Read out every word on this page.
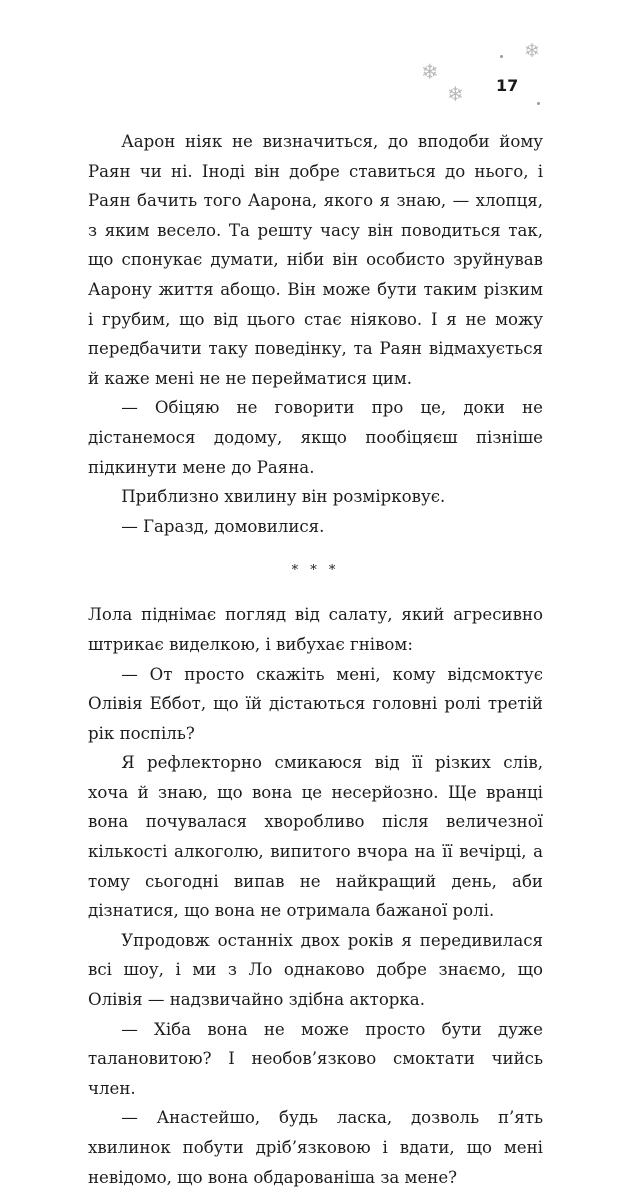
❄
❄
❄ 17

Аарон ніяк не визначиться, до вподоби йому Раян чи ні. Іноді він добре ставиться до нього, і Раян бачить того Аарона, якого я знаю, — хлопця, з яким весело. Та решту часу він поводиться так, що спонукає думати, ніби він особисто зруйнував Аарону життя абощо. Він може бути таким різким і грубим, що від цього стає ніяково. І я не можу передбачити таку поведінку, та Раян відмахується й каже мені не не перейматися цим.

— Обіцяю не говорити про це, доки не дістанемося додому, якщо пообіцяєш пізніше підкинути мене до Раяна.

Приблизно хвилину він розмірковує.

— Гаразд, домовилися.

* * *

Лола піднімає погляд від салату, який агресивно штрикає виделкою, і вибухає гнівом:

— От просто скажіть мені, кому відсмоктує Олівія Еббот, що їй дістаються головні ролі третій рік поспіль?

Я рефлекторно смикаюся від її різких слів, хоча й знаю, що вона це несерйозно. Ще вранці вона почувалася хворобливо після величезної кількості алкоголю, випитого вчора на її вечірці, а тому сьогодні випав не найкращий день, аби дізнатися, що вона не отримала бажаної ролі.

Упродовж останніх двох років я передивилася всі шоу, і ми з Ло однаково добре знаємо, що Олівія — надзвичайно здібна акторка.

— Хіба вона не може просто бути дуже талановитою? І необов’язково смоктати чийсь член.

— Анастейшо, будь ласка, дозволь п’ять хвилинок побути дріб’язковою і вдати, що мені невідомо, що вона обдарованіша за мене?
